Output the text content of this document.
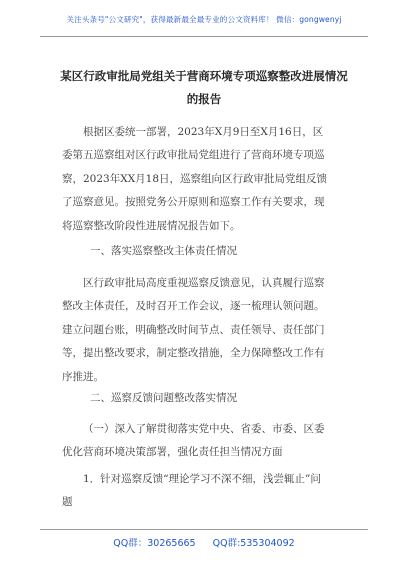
关注头条号"公文研究"，获得最新最全最专业的公文资料库！ 微信：gongwenyj
某区行政审批局党组关于营商环境专项巡察整改进展情况
的报告
根据区委统一部署，2023年X月9日至X月16日，区
委第五巡察组对区行政审批局党组进行了营商环境专项巡
察，2023年XX月18日，巡察组向区行政审批局党组反馈
了巡察意见。按照党务公开原则和巡察工作有关要求，现
将巡察整改阶段性进展情况报告如下。
一、落实巡察整改主体责任情况
区行政审批局高度重视巡察反馈意见，认真履行巡察
整改主体责任，及时召开工作会议，逐一梳理认领问题。
建立问题台账，明确整改时间节点、责任领导、责任部门
等，提出整改要求，制定整改措施，全力保障整改工作有
序推进。
二、巡察反馈问题整改落实情况
（一）深入了解贯彻落实党中央、省委、市委、区委
优化营商环境决策部署，强化责任担当情况方面
1．针对巡察反馈“理论学习不深不细，浅尝辄止”问
题
QQ群：30265665 QQ群:535304092
